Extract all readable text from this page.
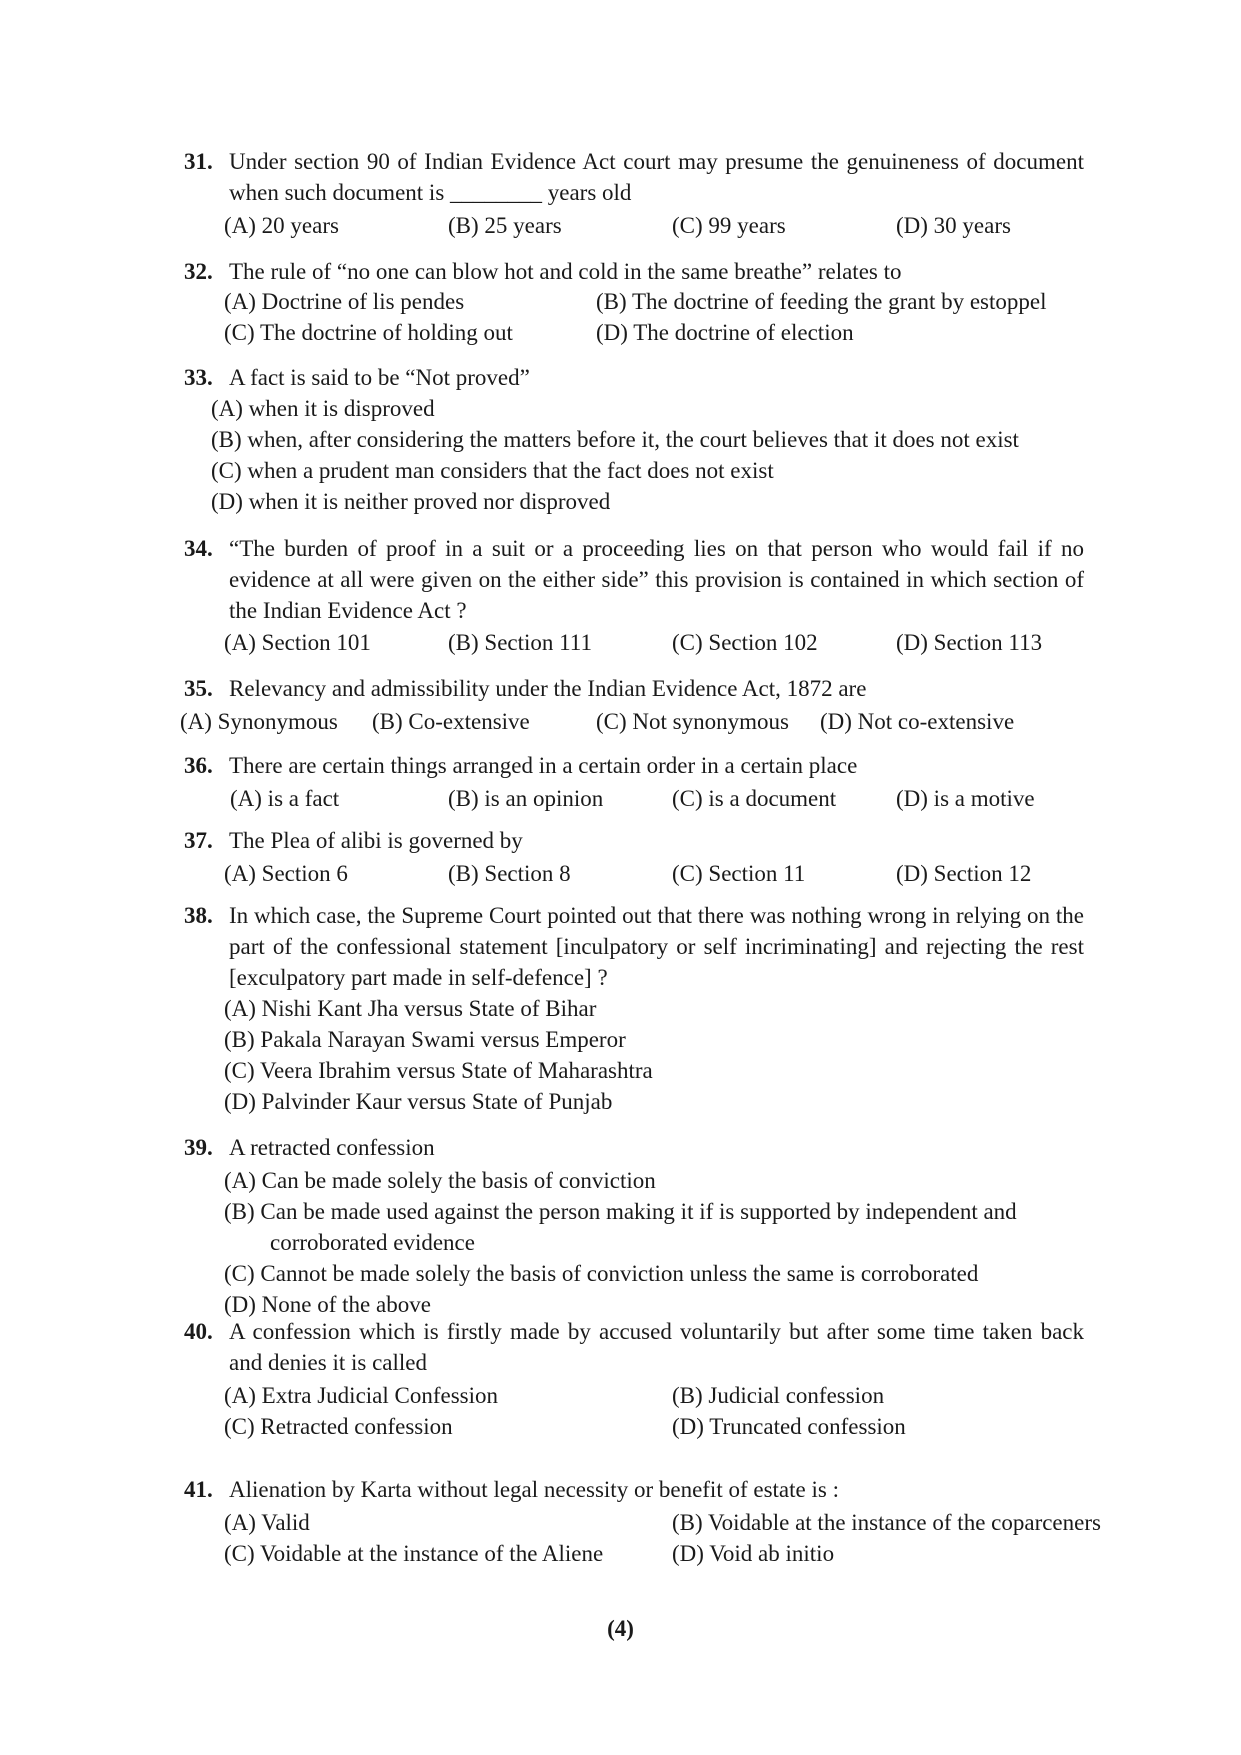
31. Under section 90 of Indian Evidence Act court may presume the genuineness of document when such document is ________ years old
(A) 20 years	(B) 25 years	(C) 99 years	(D) 30 years
32. The rule of “no one can blow hot and cold in the same breathe” relates to
(A) Doctrine of lis pendes	(B) The doctrine of feeding the grant by estoppel
(C) The doctrine of holding out	(D) The doctrine of election
33. A fact is said to be “Not proved”
(A) when it is disproved
(B) when, after considering the matters before it, the court believes that it does not exist
(C) when a prudent man considers that the fact does not exist
(D) when it is neither proved nor disproved
34. “The burden of proof in a suit or a proceeding lies on that person who would fail if no evidence at all were given on the either side” this provision is contained in which section of the Indian Evidence Act ?
(A) Section 101	(B) Section 111	(C) Section 102	(D) Section 113
35. Relevancy and admissibility under the Indian Evidence Act, 1872 are
(A) Synonymous (B) Co-extensive	(C) Not synonymous (D) Not co-extensive
36. There are certain things arranged in a certain order in a certain place
(A) is a fact	(B) is an opinion	(C) is a document	(D) is a motive
37. The Plea of alibi is governed by
(A) Section 6	(B) Section 8	(C) Section 11	(D) Section 12
38. In which case, the Supreme Court pointed out that there was nothing wrong in relying on the part of the confessional statement [inculpatory or self incriminating] and rejecting the rest [exculpatory part made in self-defence] ?
(A) Nishi Kant Jha versus State of Bihar
(B) Pakala Narayan Swami versus Emperor
(C) Veera Ibrahim versus State of Maharashtra
(D) Palvinder Kaur versus State of Punjab
39. A retracted confession
(A) Can be made solely the basis of conviction
(B) Can be made used against the person making it if is supported by independent and corroborated evidence
(C) Cannot be made solely the basis of conviction unless the same is corroborated
(D) None of the above
40. A confession which is firstly made by accused voluntarily but after some time taken back and denies it is called
(A) Extra Judicial Confession	(B) Judicial confession
(C) Retracted confession	(D) Truncated confession
41. Alienation by Karta without legal necessity or benefit of estate is :
(A) Valid	(B) Voidable at the instance of the coparceners
(C) Voidable at the instance of the Aliene	(D) Void ab initio
(4)
